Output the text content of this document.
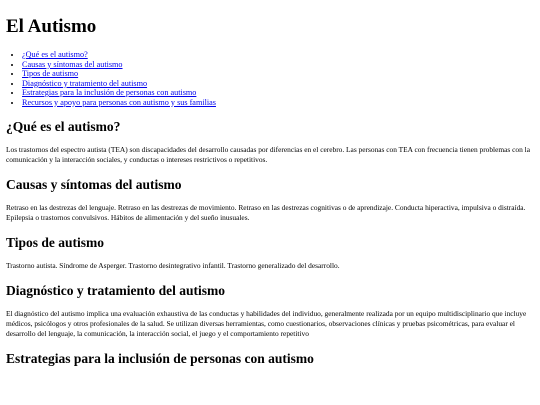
El Autismo
• ¿Qué es el autismo?
• Causas y síntomas del autismo
• Tipos de autismo
• Diagnóstico y tratamiento del autismo
• Estrategias para la inclusión de personas con autismo
• Recursos y apoyo para personas con autismo y sus familias
¿Qué es el autismo?

Los trastornos del espectro autista (TEA) son discapacidades del desarrollo causadas por diferencias en el cerebro. Las personas con TEA con frecuencia tienen problemas con la comunicación y la interacción sociales, y conductas o intereses restrictivos o repetitivos.

Causas y síntomas del autismo

Retraso en las destrezas del lenguaje. Retraso en las destrezas de movimiento. Retraso en las destrezas cognitivas o de aprendizaje. Conducta hiperactiva, impulsiva o distraída. Epilepsia o trastornos convulsivos. Hábitos de alimentación y del sueño inusuales.

Tipos de autismo

Trastorno autista. Síndrome de Asperger. Trastorno desintegrativo infantil. Trastorno generalizado del desarrollo.

Diagnóstico y tratamiento del autismo

El diagnóstico del autismo implica una evaluación exhaustiva de las conductas y habilidades del individuo, generalmente realizada por un equipo multidisciplinario que incluye médicos, psicólogos y otros profesionales de la salud. Se utilizan diversas herramientas, como cuestionarios, observaciones clínicas y pruebas psicométricas, para evaluar el desarrollo del lenguaje, la comunicación, la interacción social, el juego y el comportamiento repetitivo

Estrategias para la inclusión de personas con autismo
